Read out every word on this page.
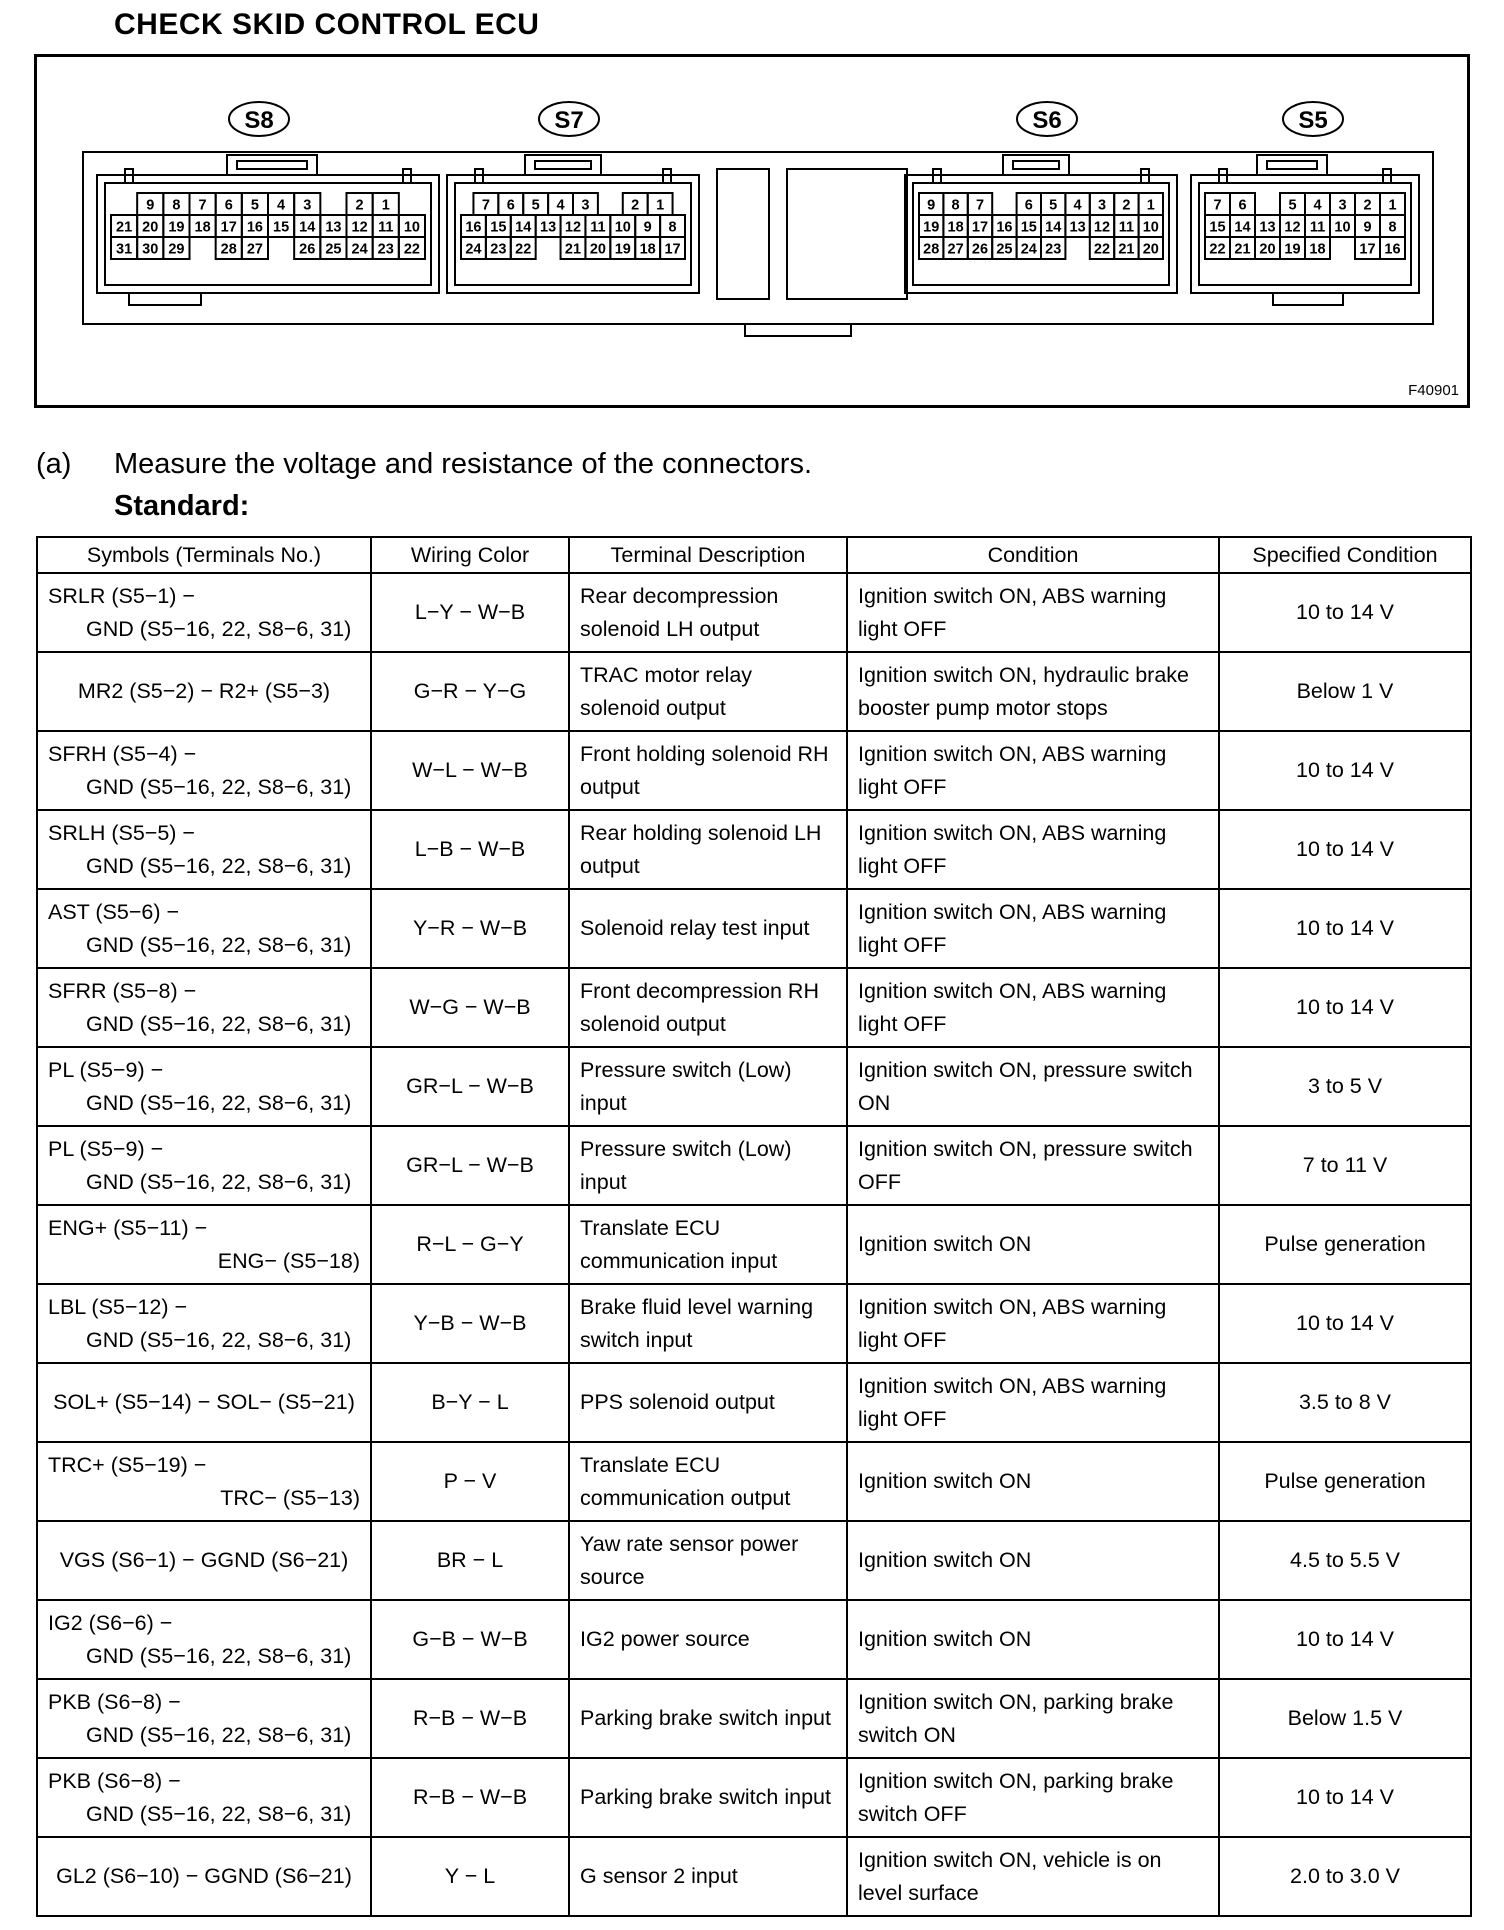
CHECK SKID CONTROL ECU
S8
9 8 7 6 5 4 3	2 1
21 20 19 18 17 16 15 14 13 12 11 10
31 30 29 28 27 26 25 24 23 22
S7
7 6 5 4 3	2 1
16 15 14 13 12 11 10 9 8
24 23 22 21 20 19 18 17
S6
9 8 7	6 5 4 3 2 1
19 18 17 16 15 14 13 12 11 10
28 27 26 25 24 23 22 21 20
S5
7 6	5 4 3 2 1
15 14 13 12 11 10 9 8
22 21 20 19 18 17 16
F40901
(a) Measure the voltage and resistance of the connectors.
Standard:
Symbols (Terminals No.)	Wiring Color	Terminal Description	Condition	Specified Condition

SRLR (S5−1) −
GND (S5−16, 22, S8−6, 31)	L−Y − W−B	Rear decompression solenoid LH output	Ignition switch ON, ABS warning light OFF	10 to 14 V

MR2 (S5−2) − R2+ (S5−3)	G−R − Y−G	TRAC motor relay solenoid output	Ignition switch ON, hydraulic brake booster pump motor stops	Below 1 V

SFRH (S5−4) −
GND (S5−16, 22, S8−6, 31)	W−L − W−B	Front holding solenoid RH output	Ignition switch ON, ABS warning light OFF	10 to 14 V

SRLH (S5−5) −
GND (S5−16, 22, S8−6, 31)	L−B − W−B	Rear holding solenoid LH output	Ignition switch ON, ABS warning light OFF	10 to 14 V

AST (S5−6) −
GND (S5−16, 22, S8−6, 31)	Y−R − W−B	Solenoid relay test input	Ignition switch ON, ABS warning light OFF	10 to 14 V

SFRR (S5−8) −
GND (S5−16, 22, S8−6, 31)	W−G − W−B	Front decompression RH solenoid output	Ignition switch ON, ABS warning light OFF	10 to 14 V

PL (S5−9) −
GND (S5−16, 22, S8−6, 31)	GR−L − W−B	Pressure switch (Low) input	Ignition switch ON, pressure switch ON	3 to 5 V

PL (S5−9) −
GND (S5−16, 22, S8−6, 31)	GR−L − W−B	Pressure switch (Low) input	Ignition switch ON, pressure switch OFF	7 to 11 V

ENG+ (S5−11) −
ENG− (S5−18)	R−L − G−Y	Translate ECU communication input	Ignition switch ON	Pulse generation

LBL (S5−12) −
GND (S5−16, 22, S8−6, 31)	Y−B − W−B	Brake fluid level warning switch input	Ignition switch ON, ABS warning light OFF	10 to 14 V

SOL+ (S5−14) − SOL− (S5−21)	B−Y − L	PPS solenoid output	Ignition switch ON, ABS warning light OFF	3.5 to 8 V

TRC+ (S5−19) −
TRC− (S5−13)	P − V	Translate ECU communication output	Ignition switch ON	Pulse generation

VGS (S6−1) − GGND (S6−21)	BR − L	Yaw rate sensor power source	Ignition switch ON	4.5 to 5.5 V

IG2 (S6−6) −
GND (S5−16, 22, S8−6, 31)	G−B − W−B	IG2 power source	Ignition switch ON	10 to 14 V

PKB (S6−8) −
GND (S5−16, 22, S8−6, 31)	R−B − W−B	Parking brake switch input	Ignition switch ON, parking brake switch ON	Below 1.5 V

PKB (S6−8) −
GND (S5−16, 22, S8−6, 31)	R−B − W−B	Parking brake switch input	Ignition switch ON, parking brake switch OFF	10 to 14 V

GL2 (S6−10) − GGND (S6−21)	Y − L	G sensor 2 input	Ignition switch ON, vehicle is on level surface	2.0 to 3.0 V
